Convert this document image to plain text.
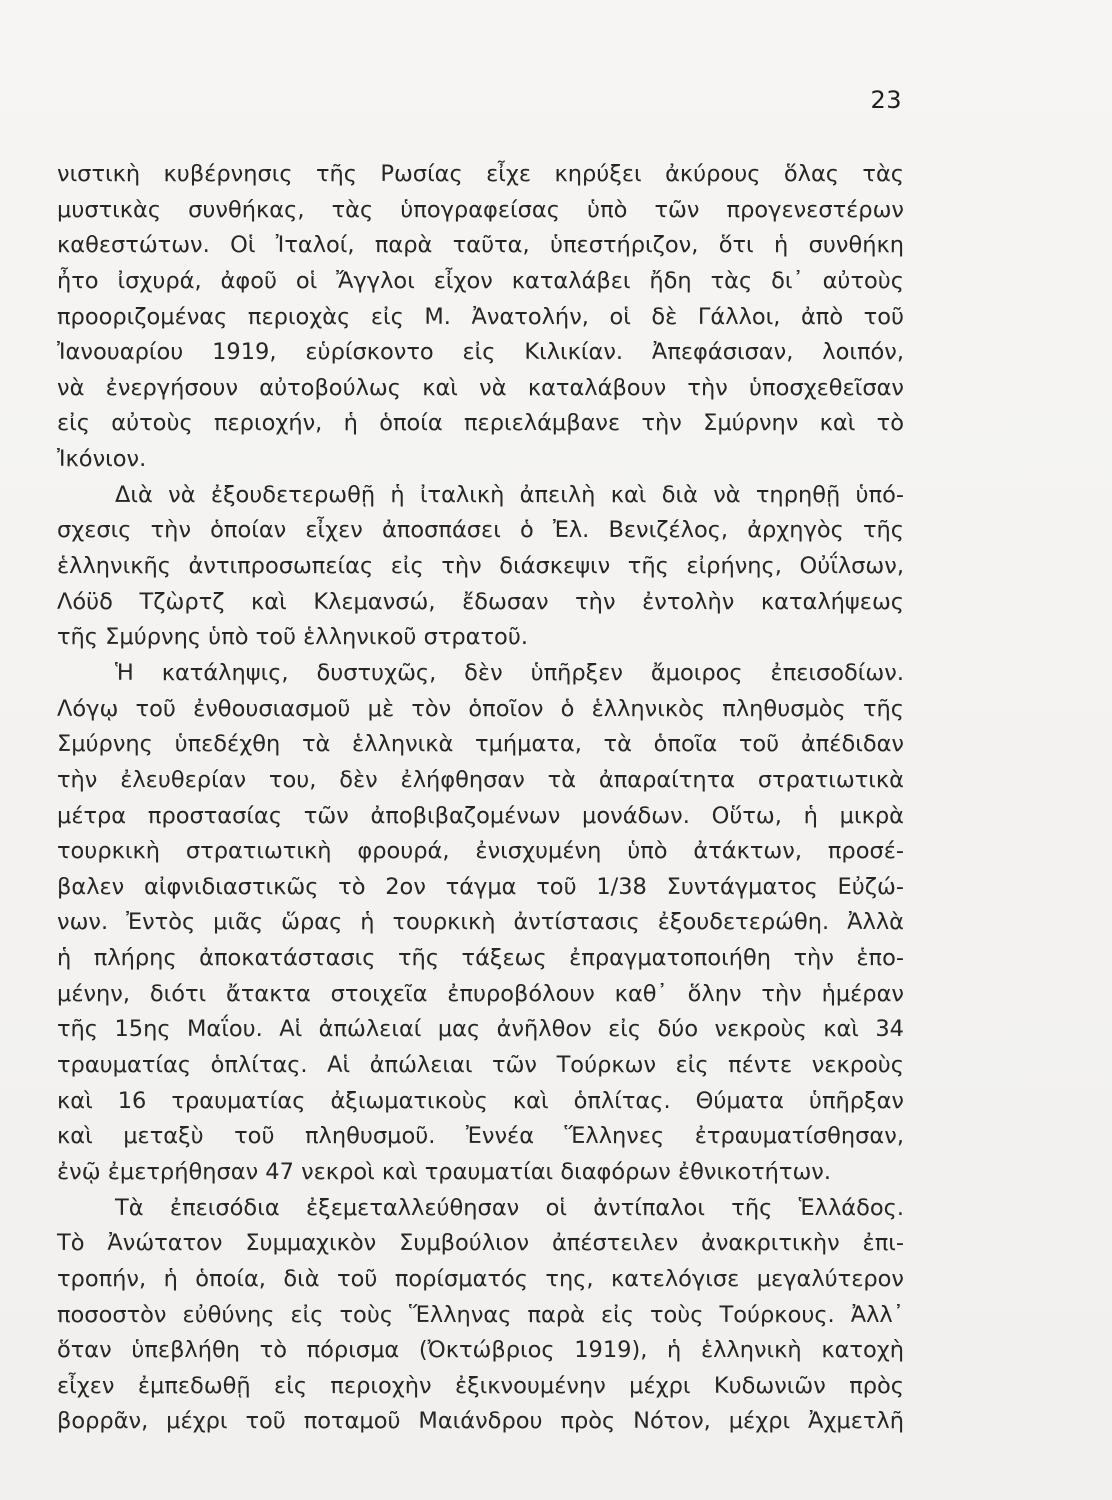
23
νιστικὴ κυβέρνησις τῆς Ρωσίας εἶχε κηρύξει ἀκύρους ὅλας τὰς
μυστικὰς συνθήκας, τὰς ὑπογραφείσας ὑπὸ τῶν προγενεστέρων
καθεστώτων. Οἱ Ἰταλοί, παρὰ ταῦτα, ὑπεστήριζον, ὅτι ἡ συνθήκη
ἦτο ἰσχυρά, ἀφοῦ οἱ Ἄγγλοι εἶχον καταλάβει ἤδη τὰς δι᾽ αὐτοὺς
προοριζομένας περιοχὰς εἰς Μ. Ἀνατολήν, οἱ δὲ Γάλλοι, ἀπὸ τοῦ
Ἰανουαρίου 1919, εὑρίσκοντο εἰς Κιλικίαν. Ἀπεφάσισαν, λοιπόν,
νὰ ἐνεργήσουν αὐτοβούλως καὶ νὰ καταλάβουν τὴν ὑποσχεθεῖσαν
εἰς αὐτοὺς περιοχήν, ἡ ὁποία περιελάμβανε τὴν Σμύρνην καὶ τὸ
Ἰκόνιον.
Διὰ νὰ ἐξουδετερωθῇ ἡ ἰταλικὴ ἀπειλὴ καὶ διὰ νὰ τηρηθῇ ὑπό-
σχεσις τὴν ὁποίαν εἶχεν ἀποσπάσει ὁ Ἐλ. Βενιζέλος, ἀρχηγὸς τῆς
ἑλληνικῆς ἀντιπροσωπείας εἰς τὴν διάσκεψιν τῆς εἰρήνης, Οὐΐλσων,
Λόϋδ Τζὼρτζ καὶ Κλεμανσώ, ἔδωσαν τὴν ἐντολὴν καταλήψεως
τῆς Σμύρνης ὑπὸ τοῦ ἑλληνικοῦ στρατοῦ.
Ἡ κατάληψις, δυστυχῶς, δὲν ὑπῆρξεν ἄμοιρος ἐπεισοδίων.
Λόγῳ τοῦ ἐνθουσιασμοῦ μὲ τὸν ὁποῖον ὁ ἑλληνικὸς πληθυσμὸς τῆς
Σμύρνης ὑπεδέχθη τὰ ἑλληνικὰ τμήματα, τὰ ὁποῖα τοῦ ἀπέδιδαν
τὴν ἐλευθερίαν του, δὲν ἐλήφθησαν τὰ ἀπαραίτητα στρατιωτικὰ
μέτρα προστασίας τῶν ἀποβιβαζομένων μονάδων. Οὕτω, ἡ μικρὰ
τουρκικὴ στρατιωτικὴ φρουρά, ἐνισχυμένη ὑπὸ ἀτάκτων, προσέ-
βαλεν αἰφνιδιαστικῶς τὸ 2ον τάγμα τοῦ 1/38 Συντάγματος Εὐζώ-
νων. Ἐντὸς μιᾶς ὥρας ἡ τουρκικὴ ἀντίστασις ἐξουδετερώθη. Ἀλλὰ
ἡ πλήρης ἀποκατάστασις τῆς τάξεως ἐπραγματοποιήθη τὴν ἑπο-
μένην, διότι ἄτακτα στοιχεῖα ἐπυροβόλουν καθ᾽ ὅλην τὴν ἡμέραν
τῆς 15ης Μαΐου. Αἱ ἀπώλειαί μας ἀνῆλθον εἰς δύο νεκροὺς καὶ 34
τραυματίας ὁπλίτας. Αἱ ἀπώλειαι τῶν Τούρκων εἰς πέντε νεκροὺς
καὶ 16 τραυματίας ἀξιωματικοὺς καὶ ὁπλίτας. Θύματα ὑπῆρξαν
καὶ μεταξὺ τοῦ πληθυσμοῦ. Ἐννέα Ἕλληνες ἐτραυματίσθησαν,
ἐνῷ ἐμετρήθησαν 47 νεκροὶ καὶ τραυματίαι διαφόρων ἐθνικοτήτων.
Τὰ ἐπεισόδια ἐξεμεταλλεύθησαν οἱ ἀντίπαλοι τῆς Ἑλλάδος.
Τὸ Ἀνώτατον Συμμαχικὸν Συμβούλιον ἀπέστειλεν ἀνακριτικὴν ἐπι-
τροπήν, ἡ ὁποία, διὰ τοῦ πορίσματός της, κατελόγισε μεγαλύτερον
ποσοστὸν εὐθύνης εἰς τοὺς Ἕλληνας παρὰ εἰς τοὺς Τούρκους. Ἀλλ᾽
ὅταν ὑπεβλήθη τὸ πόρισμα (Ὀκτώβριος 1919), ἡ ἑλληνικὴ κατοχὴ
εἶχεν ἐμπεδωθῇ εἰς περιοχὴν ἐξικνουμένην μέχρι Κυδωνιῶν πρὸς
βορρᾶν, μέχρι τοῦ ποταμοῦ Μαιάνδρου πρὸς Νότον, μέχρι Ἀχμετλῆ
